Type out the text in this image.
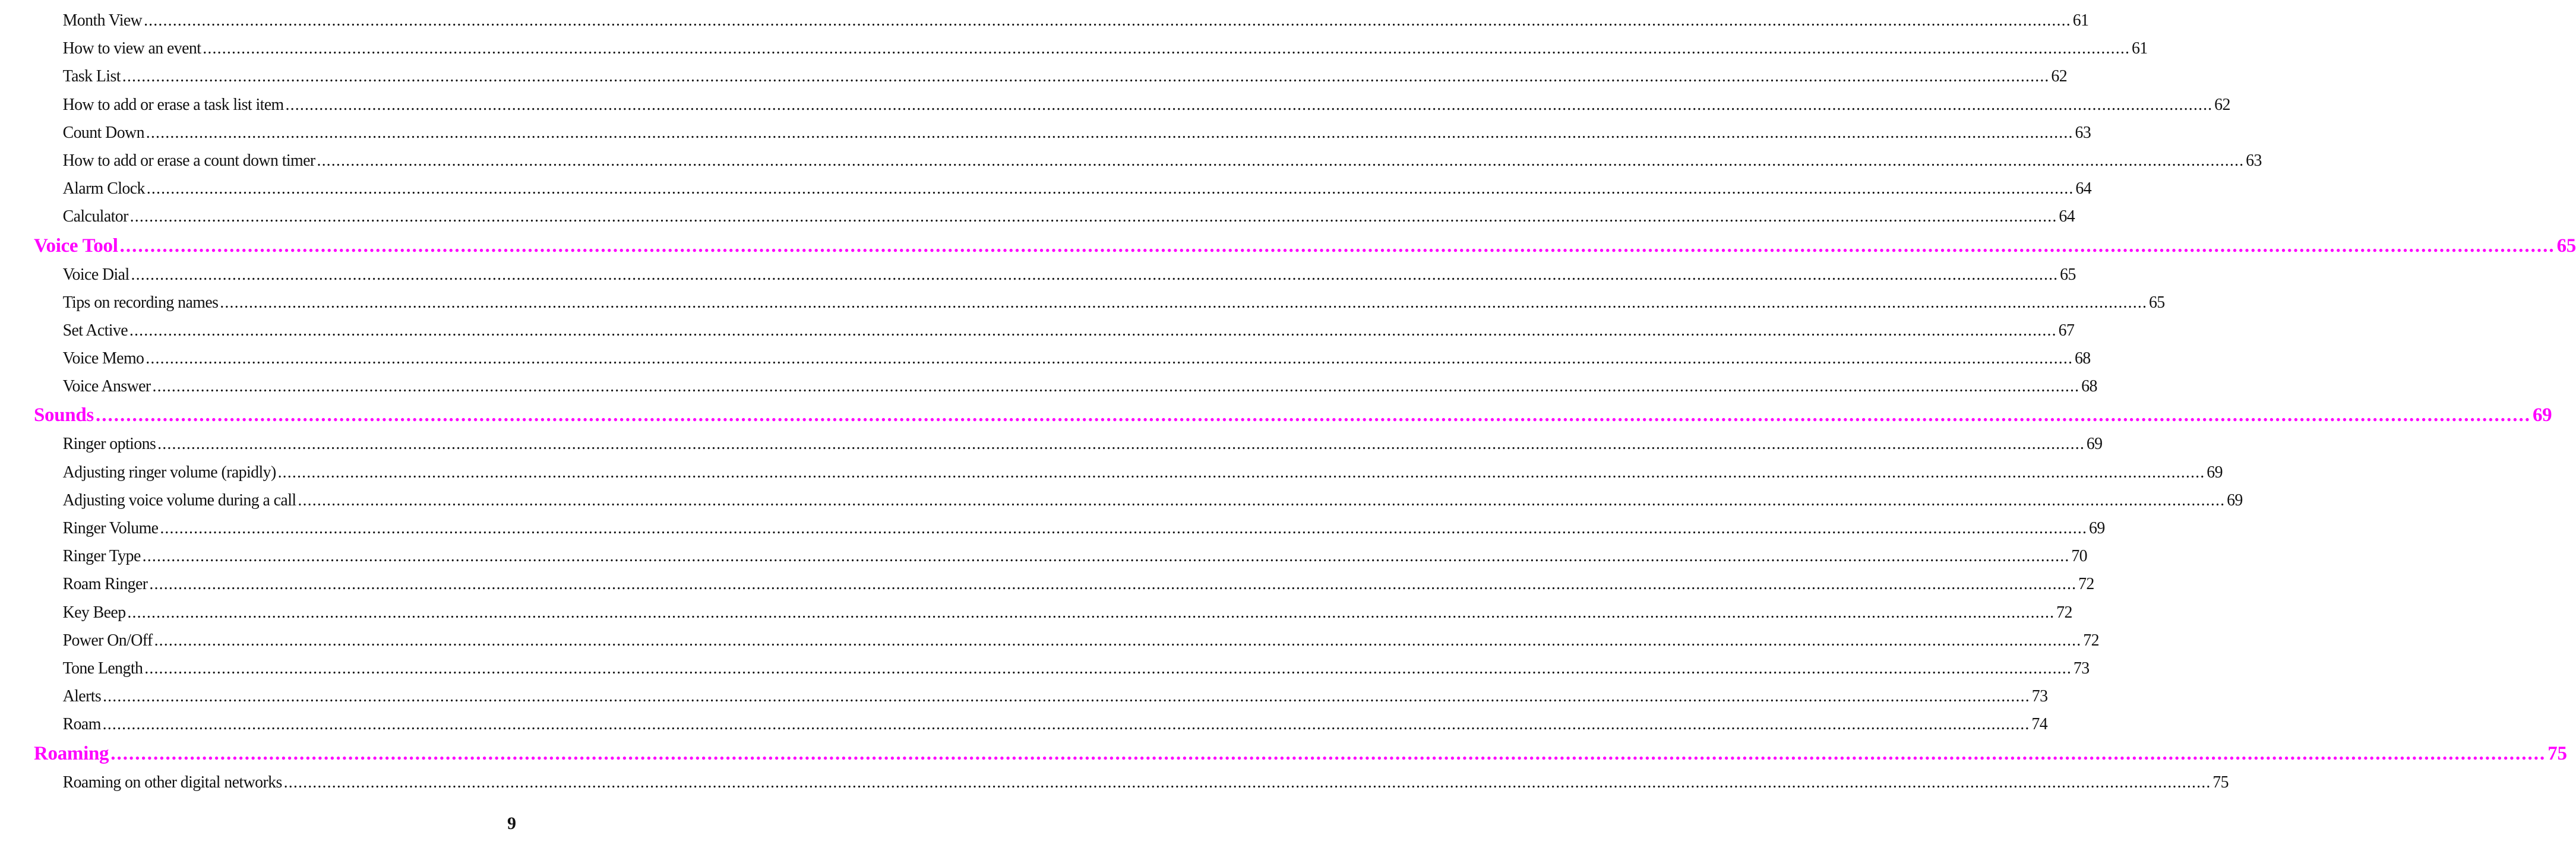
Month View ................................................................................................................................................................................................................................................................................................................................................................................................................ 61
How to view an event ................................................................................................................................................................................................................................................................................................................................................................................................................ 61
Task List ................................................................................................................................................................................................................................................................................................................................................................................................................ 62
How to add or erase a task list item ................................................................................................................................................................................................................................................................................................................................................................................................................ 62
Count Down ................................................................................................................................................................................................................................................................................................................................................................................................................ 63
How to add or erase a count down timer ................................................................................................................................................................................................................................................................................................................................................................................................................ 63
Alarm Clock ................................................................................................................................................................................................................................................................................................................................................................................................................ 64
Calculator ................................................................................................................................................................................................................................................................................................................................................................................................................ 64
Voice Tool ................................................................................................................................................................................................................................................................................................................................................................................................................ 65
Voice Dial ................................................................................................................................................................................................................................................................................................................................................................................................................ 65
Tips on recording names ................................................................................................................................................................................................................................................................................................................................................................................................................ 65
Set Active ................................................................................................................................................................................................................................................................................................................................................................................................................ 67
Voice Memo ................................................................................................................................................................................................................................................................................................................................................................................................................ 68
Voice Answer ................................................................................................................................................................................................................................................................................................................................................................................................................ 68
Sounds ................................................................................................................................................................................................................................................................................................................................................................................................................ 69
Ringer options ................................................................................................................................................................................................................................................................................................................................................................................................................ 69
Adjusting ringer volume (rapidly) ................................................................................................................................................................................................................................................................................................................................................................................................................ 69
Adjusting voice volume during a call ................................................................................................................................................................................................................................................................................................................................................................................................................ 69
Ringer Volume ................................................................................................................................................................................................................................................................................................................................................................................................................ 69
Ringer Type ................................................................................................................................................................................................................................................................................................................................................................................................................ 70
Roam Ringer ................................................................................................................................................................................................................................................................................................................................................................................................................ 72
Key Beep ................................................................................................................................................................................................................................................................................................................................................................................................................ 72
Power On/Off ................................................................................................................................................................................................................................................................................................................................................................................................................ 72
Tone Length ................................................................................................................................................................................................................................................................................................................................................................................................................ 73
Alerts ................................................................................................................................................................................................................................................................................................................................................................................................................ 73
Roam ................................................................................................................................................................................................................................................................................................................................................................................................................ 74
Roaming ................................................................................................................................................................................................................................................................................................................................................................................................................ 75
Roaming on other digital networks ................................................................................................................................................................................................................................................................................................................................................................................................................ 75
9
